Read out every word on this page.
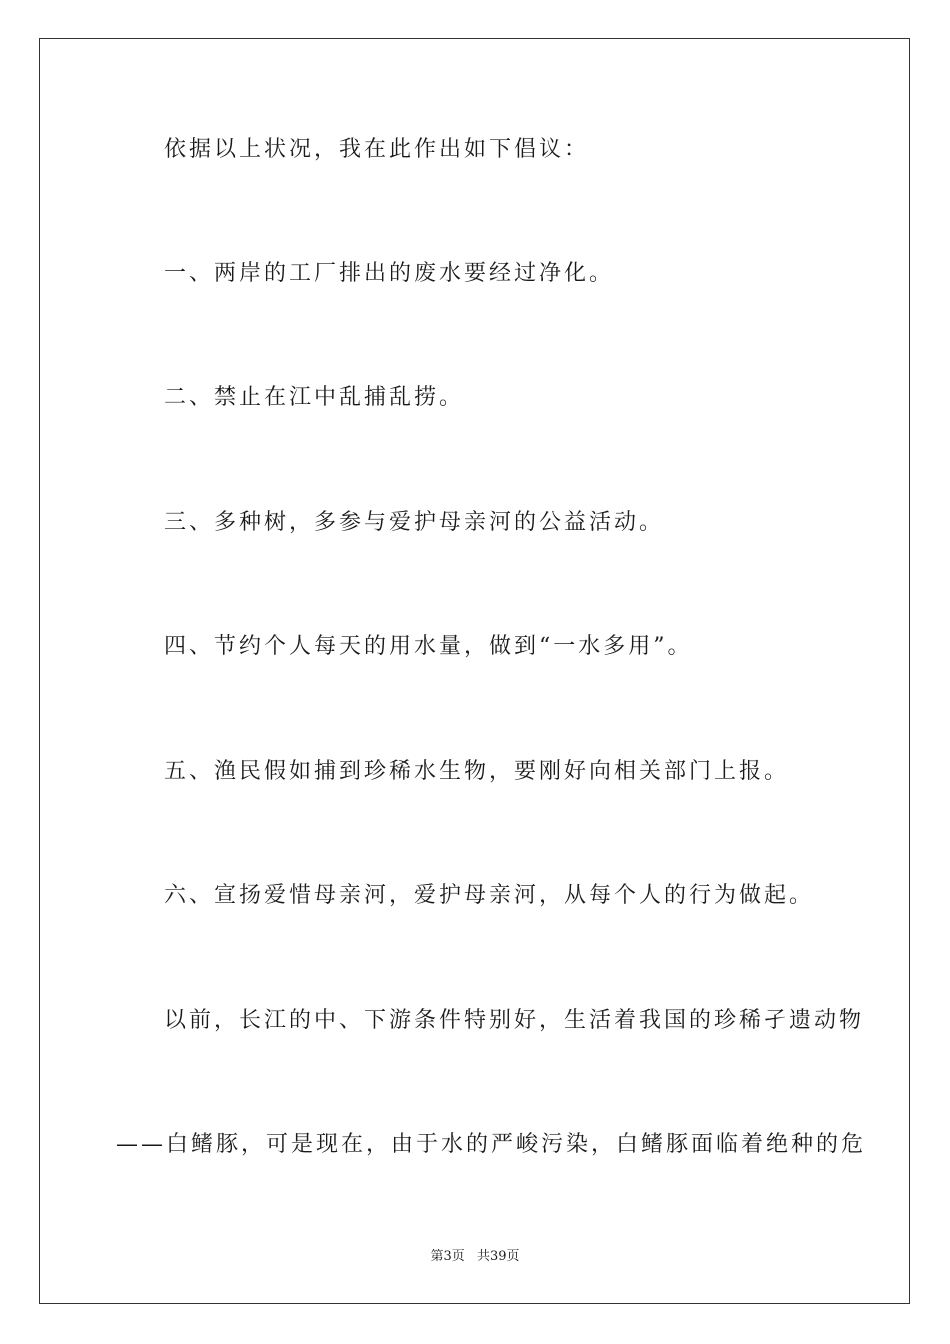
依据以上状况，我在此作出如下倡议：
一、两岸的工厂排出的废水要经过净化。
二、禁止在江中乱捕乱捞。
三、多种树，多参与爱护母亲河的公益活动。
四、节约个人每天的用水量，做到“一水多用”。
五、渔民假如捕到珍稀水生物，要刚好向相关部门上报。
六、宣扬爱惜母亲河，爱护母亲河，从每个人的行为做起。
以前，长江的中、下游条件特别好，生活着我国的珍稀孑遗动物
——白鳍豚，可是现在，由于水的严峻污染，白鳍豚面临着绝种的危
第3页 共39页
